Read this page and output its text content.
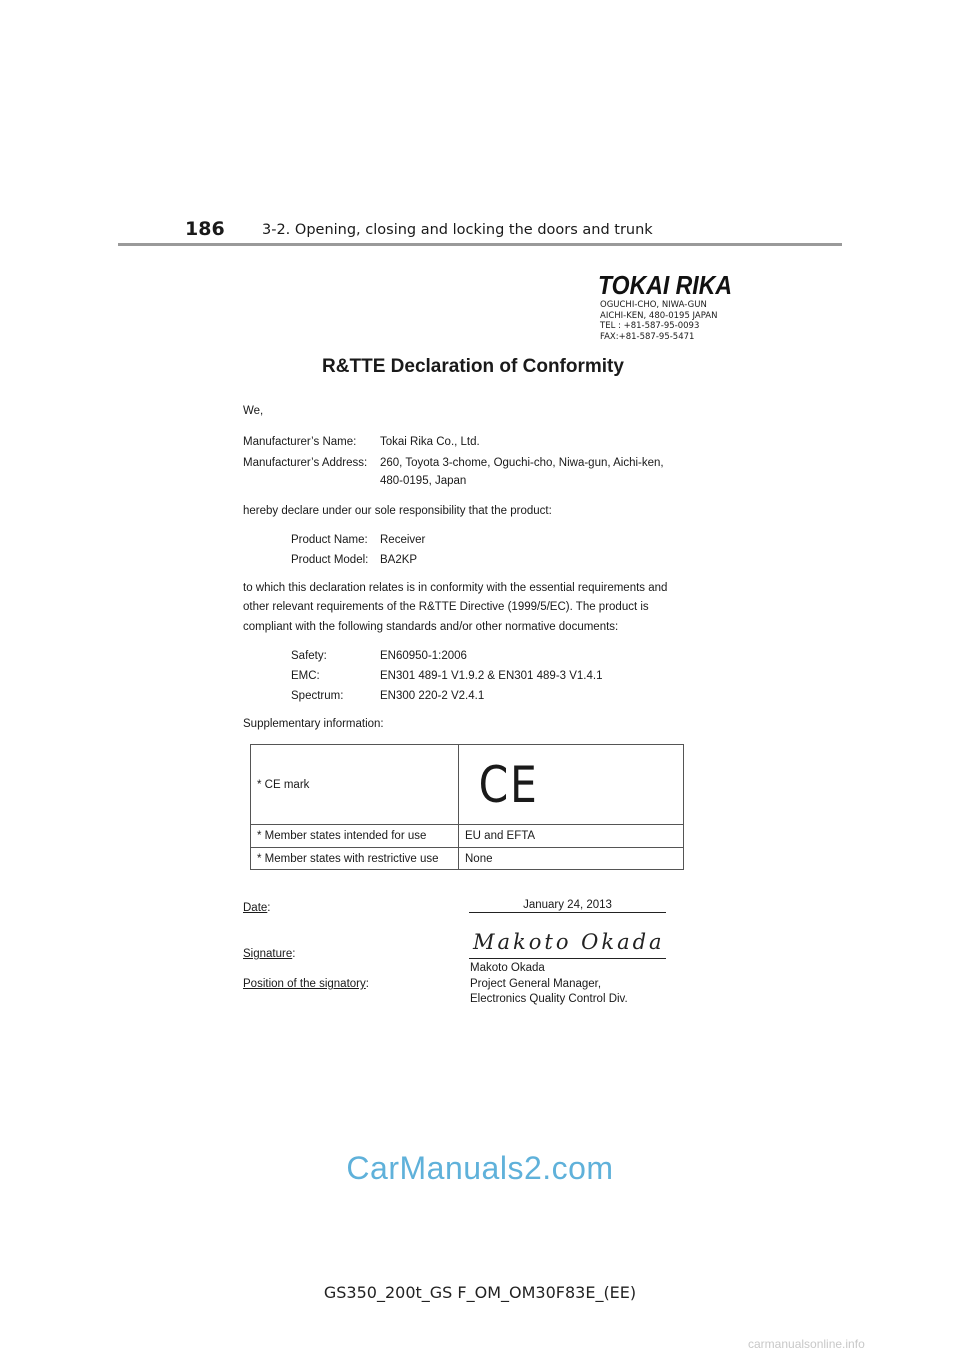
186	3-2. Opening, closing and locking the doors and trunk
TOKAI RIKA
OGUCHI-CHO, NIWA-GUN
AICHI-KEN, 480-0195 JAPAN
TEL : +81-587-95-0093
FAX:+81-587-95-5471
R&TTE Declaration of Conformity
We,
Manufacturer’s Name: Tokai Rika Co., Ltd.
Manufacturer’s Address: 260, Toyota 3-chome, Oguchi-cho, Niwa-gun, Aichi-ken,
480-0195, Japan
hereby declare under our sole responsibility that the product:
Product Name: Receiver
Product Model: BA2KP
to which this declaration relates is in conformity with the essential requirements and
other relevant requirements of the R&TTE Directive (1999/5/EC). The product is
compliant with the following standards and/or other normative documents:
Safety:	EN60950-1:2006
EMC:	EN301 489-1 V1.9.2 & EN301 489-3 V1.4.1
Spectrum:	EN300 220-2 V2.4.1
Supplementary information:
* CE mark	CE
* Member states intended for use	EU and EFTA
* Member states with restrictive use	None
Date:	January 24, 2013
Signature:	Makoto Okada
Makoto Okada
Position of the signatory:	Project General Manager,
Electronics Quality Control Div.
CarManuals2.com
GS350_200t_GS F_OM_OM30F83E_(EE)
carmanualsonline.info
